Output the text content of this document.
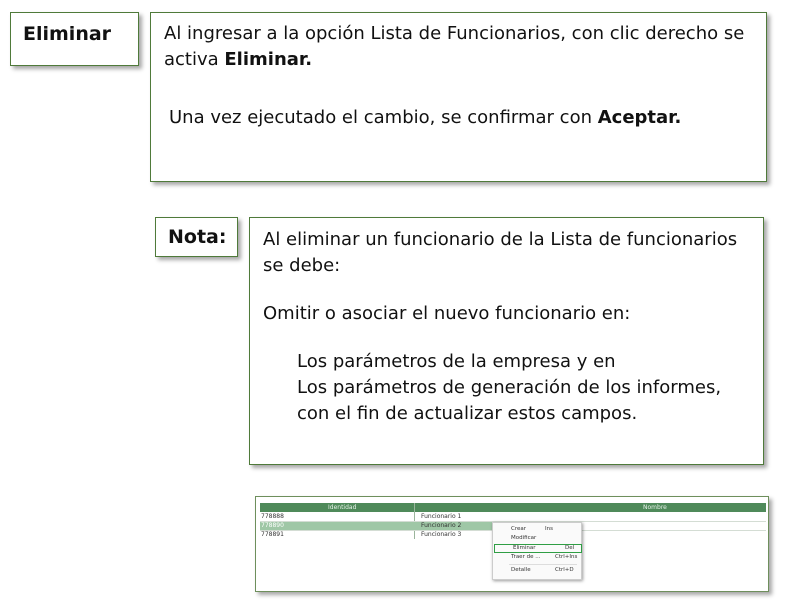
Eliminar	Al ingresar a la opción Lista de Funcionarios, con clic derecho se activa Eliminar.

Una vez ejecutado el cambio, se confirmar con Aceptar.

Nota: Al eliminar un funcionario de la Lista de funcionarios se debe:

Omitir o asociar el nuevo funcionario en:

Los parámetros de la empresa y en

Los parámetros de generación de los informes, con el fin de actualizar estos campos.

Identidad	Nombre
778888	Funcionario 1
778890	Funcionario 2
778891	Funcionario 3
Crear	Ins
Modificar
Eliminar	Del
Traer de ...	Ctrl+Ins
Detalle	Ctrl+D
